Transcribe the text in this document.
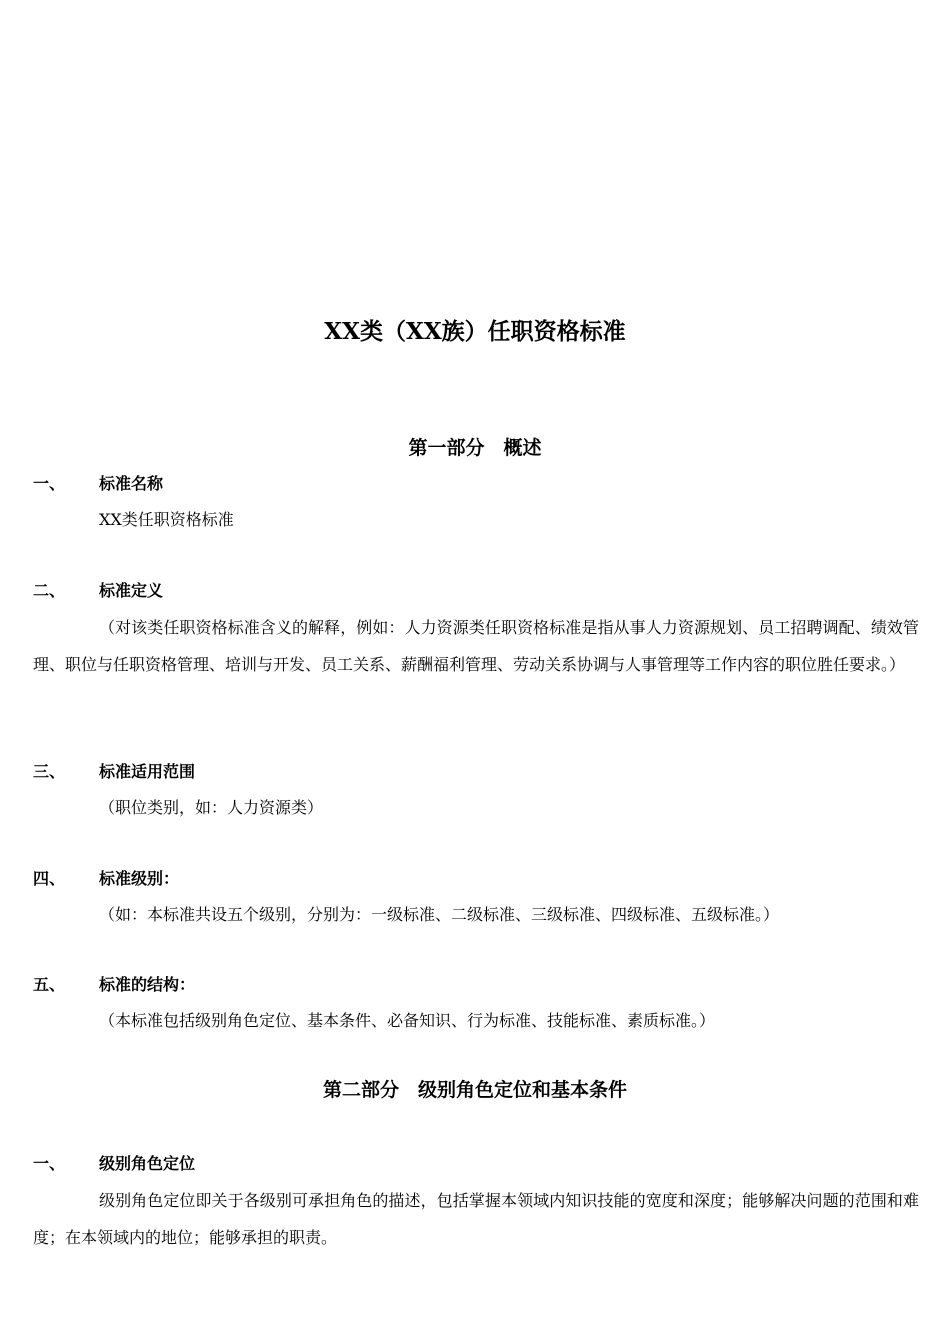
XX类（XX族）任职资格标准
第一部分　概述
一、 标准名称
XX类任职资格标准
二、 标准定义
（对该类任职资格标准含义的解释，例如：人力资源类任职资格标准是指从事人力资源规划、员工招聘调配、绩效管理、职位与任职资格管理、培训与开发、员工关系、薪酬福利管理、劳动关系协调与人事管理等工作内容的职位胜任要求。）
三、 标准适用范围
（职位类别，如：人力资源类）
四、 标准级别：
（如：本标准共设五个级别，分别为：一级标准、二级标准、三级标准、四级标准、五级标准。）
五、 标准的结构：
（本标准包括级别角色定位、基本条件、必备知识、行为标准、技能标准、素质标准。）
第二部分　级别角色定位和基本条件
一、 级别角色定位
级别角色定位即关于各级别可承担角色的描述，包括掌握本领域内知识技能的宽度和深度；能够解决问题的范围和难度；在本领域内的地位；能够承担的职责。
